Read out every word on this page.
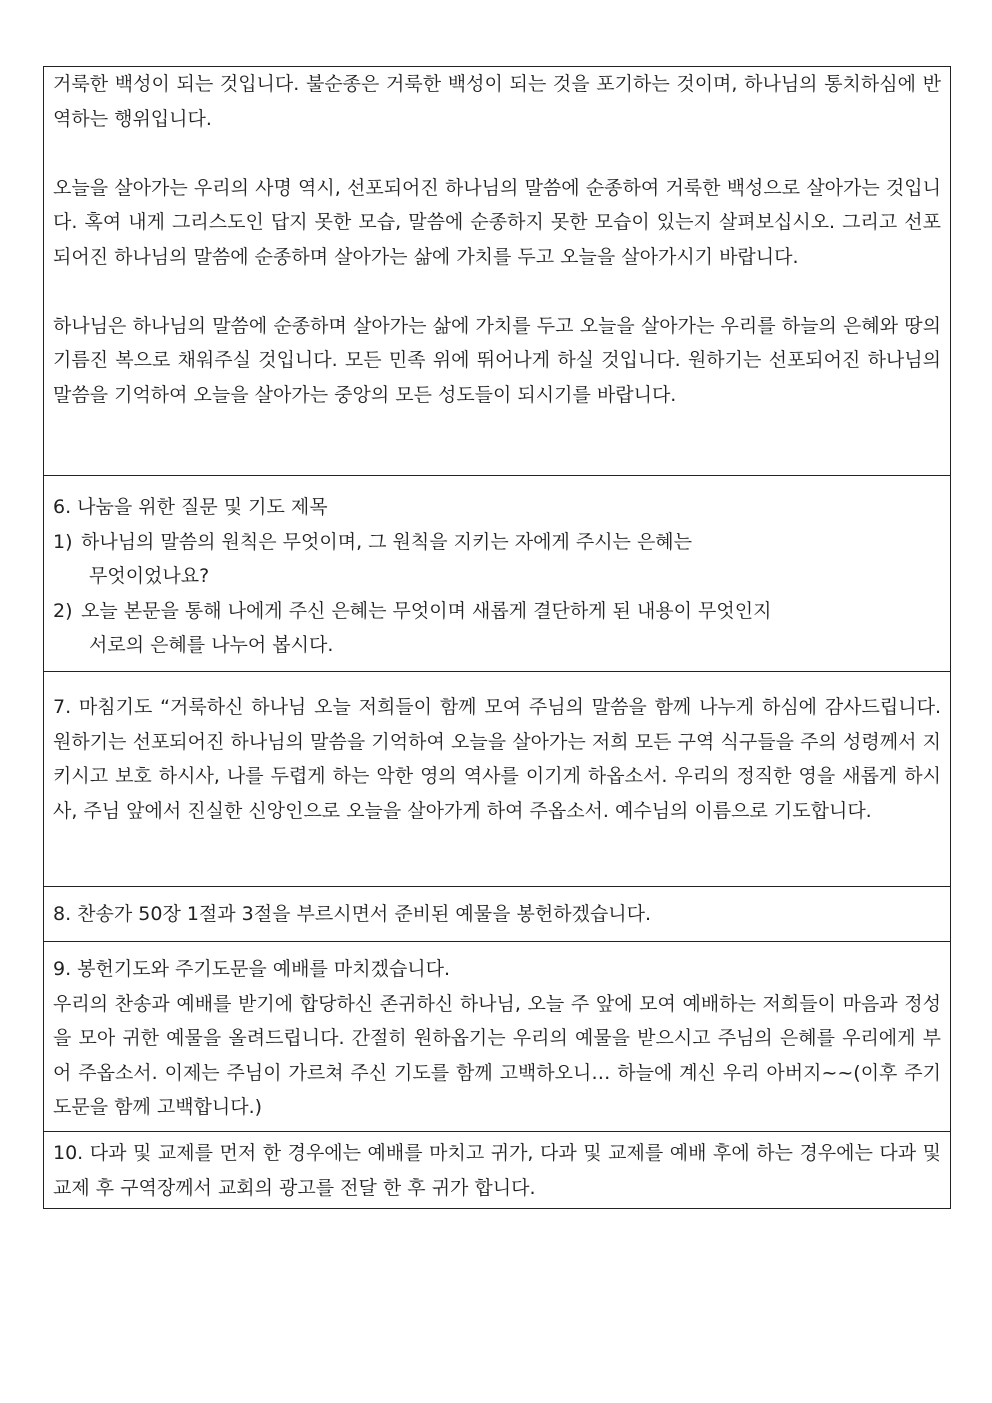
거룩한 백성이 되는 것입니다. 불순종은 거룩한 백성이 되는 것을 포기하는 것이며, 하나님의 통치하심에 반역하는 행위입니다.

오늘을 살아가는 우리의 사명 역시, 선포되어진 하나님의 말씀에 순종하여 거룩한 백성으로 살아가는 것입니다. 혹여 내게 그리스도인 답지 못한 모습, 말씀에 순종하지 못한 모습이 있는지 살펴보십시오. 그리고 선포되어진 하나님의 말씀에 순종하며 살아가는 삶에 가치를 두고 오늘을 살아가시기 바랍니다.

하나님은 하나님의 말씀에 순종하며 살아가는 삶에 가치를 두고 오늘을 살아가는 우리를 하늘의 은혜와 땅의 기름진 복으로 채워주실 것입니다. 모든 민족 위에 뛰어나게 하실 것입니다. 원하기는 선포되어진 하나님의 말씀을 기억하여 오늘을 살아가는 중앙의 모든 성도들이 되시기를 바랍니다.

6. 나눔을 위한 질문 및 기도 제목

1) 하나님의 말씀의 원칙은 무엇이며, 그 원칙을 지키는 자에게 주시는 은혜는

무엇이었나요?

2) 오늘 본문을 통해 나에게 주신 은혜는 무엇이며 새롭게 결단하게 된 내용이 무엇인지

서로의 은혜를 나누어 봅시다.

7. 마침기도 “거룩하신 하나님 오늘 저희들이 함께 모여 주님의 말씀을 함께 나누게 하심에 감사드립니다. 원하기는 선포되어진 하나님의 말씀을 기억하여 오늘을 살아가는 저희 모든 구역 식구들을 주의 성령께서 지키시고 보호 하시사, 나를 두렵게 하는 악한 영의 역사를 이기게 하옵소서. 우리의 정직한 영을 새롭게 하시사, 주님 앞에서 진실한 신앙인으로 오늘을 살아가게 하여 주옵소서. 예수님의 이름으로 기도합니다.

8. 찬송가 50장 1절과 3절을 부르시면서 준비된 예물을 봉헌하겠습니다.

9. 봉헌기도와 주기도문을 예배를 마치겠습니다.

우리의 찬송과 예배를 받기에 합당하신 존귀하신 하나님, 오늘 주 앞에 모여 예배하는 저희들이 마음과 정성을 모아 귀한 예물을 올려드립니다. 간절히 원하옵기는 우리의 예물을 받으시고 주님의 은혜를 우리에게 부어 주옵소서. 이제는 주님이 가르쳐 주신 기도를 함께 고백하오니… 하늘에 계신 우리 아버지~~(이후 주기도문을 함께 고백합니다.)

10. 다과 및 교제를 먼저 한 경우에는 예배를 마치고 귀가, 다과 및 교제를 예배 후에 하는 경우에는 다과 및 교제 후 구역장께서 교회의 광고를 전달 한 후 귀가 합니다.
